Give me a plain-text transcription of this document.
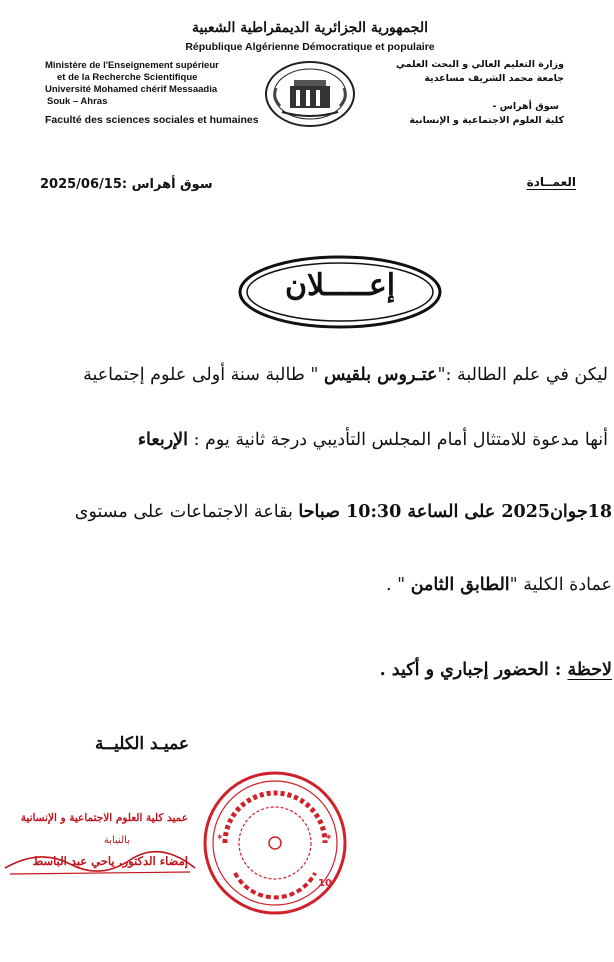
الجمهورية الجزائرية الديمقراطية الشعبية
République Algérienne Démocratique et populaire
Ministère de l'Enseignement supérieur
et de la Recherche Scientifique
Université Mohamed chérif Messaadia
Souk – Ahras
Faculté des sciences sociales et humaines
وزارة التعليم العالي و البحث العلمي
جامعة محمد الشريف مساعدية
سوق أهراس -
كلية العلوم الاجتماعية و الإنسانية
سوق أهراس :2025/06/15	العمــادة
إعـــــلان
ليكن في علم الطالبة :"عتـروس بلقيس " طالبة سنة أولى علوم إجتماعية
أنها مدعوة للامتثال أمام المجلس التأديبي درجة ثانية يوم : الإربعاء
18جوان2025 على الساعة 10:30 صباحا بقاعة الاجتماعات على مستوى
عمادة الكلية "الطابق الثامن " .
لاحظة : الحضور إجباري و أكيد .
عميـد الكليــة
عميد كلية العلوم الاجتماعية و الإنسانية
بالنيابة
إمضاء الدكتور. ياحي عبد الباسط
✶	✶
10
